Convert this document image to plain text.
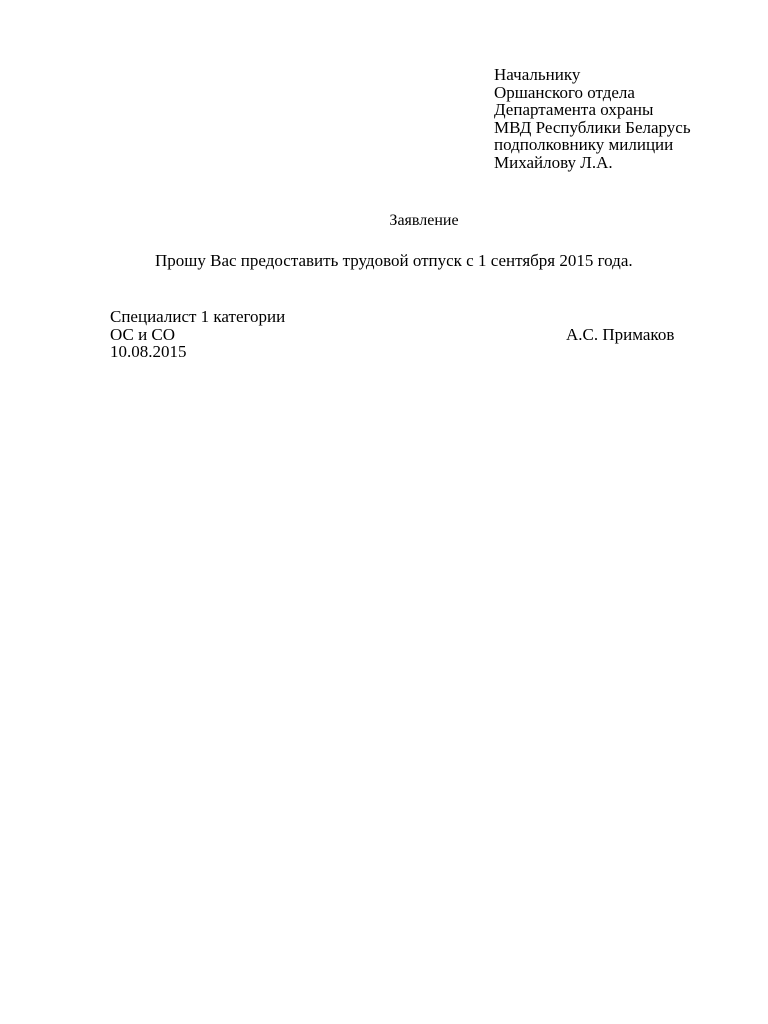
Начальнику
Оршанского отдела
Департамента охраны
МВД Республики Беларусь
подполковнику милиции
Михайлову Л.А.
Заявление
Прошу Вас предоставить трудовой отпуск с 1 сентября 2015 года.
Специалист 1 категории
ОС и СО
10.08.2015
А.С. Примаков
